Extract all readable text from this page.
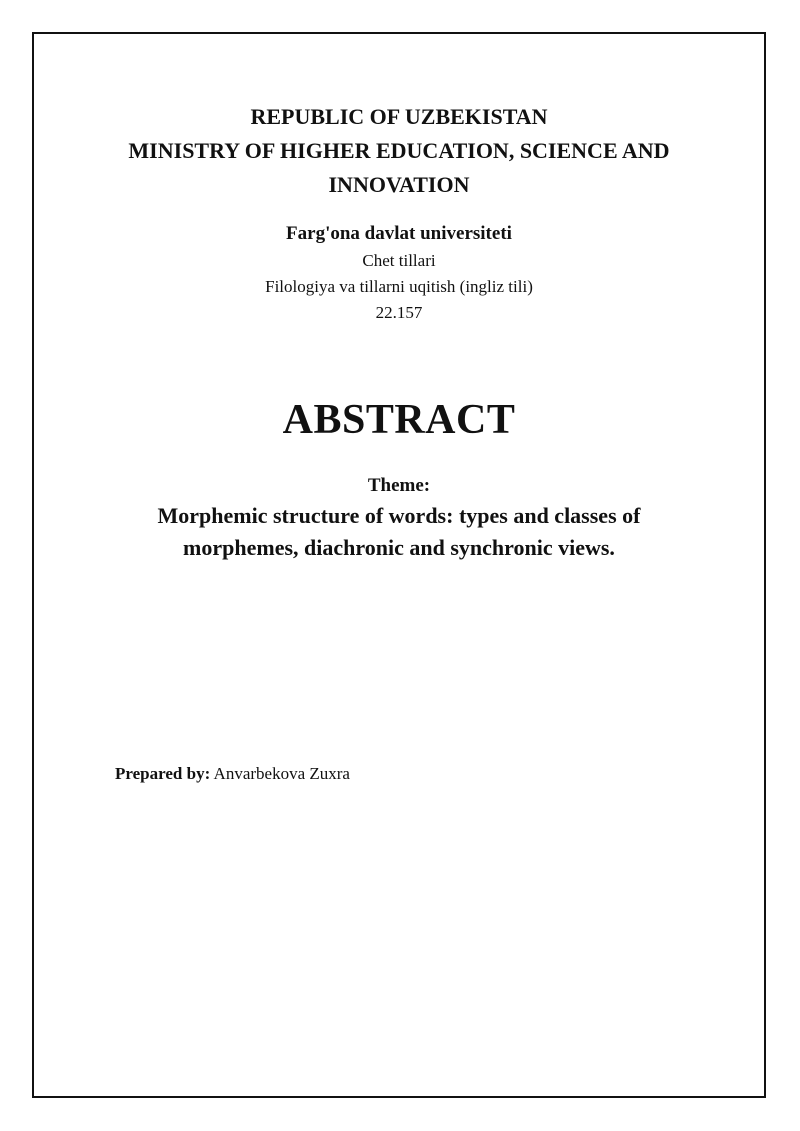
REPUBLIC OF UZBEKISTAN
MINISTRY OF HIGHER EDUCATION, SCIENCE AND
INNOVATION
Farg'ona davlat universiteti
Chet tillari
Filologiya va tillarni uqitish (ingliz tili)
22.157
ABSTRACT
Theme:
Morphemic structure of words: types and classes of
morphemes, diachronic and synchronic views.
Prepared by: Anvarbekova Zuxra
